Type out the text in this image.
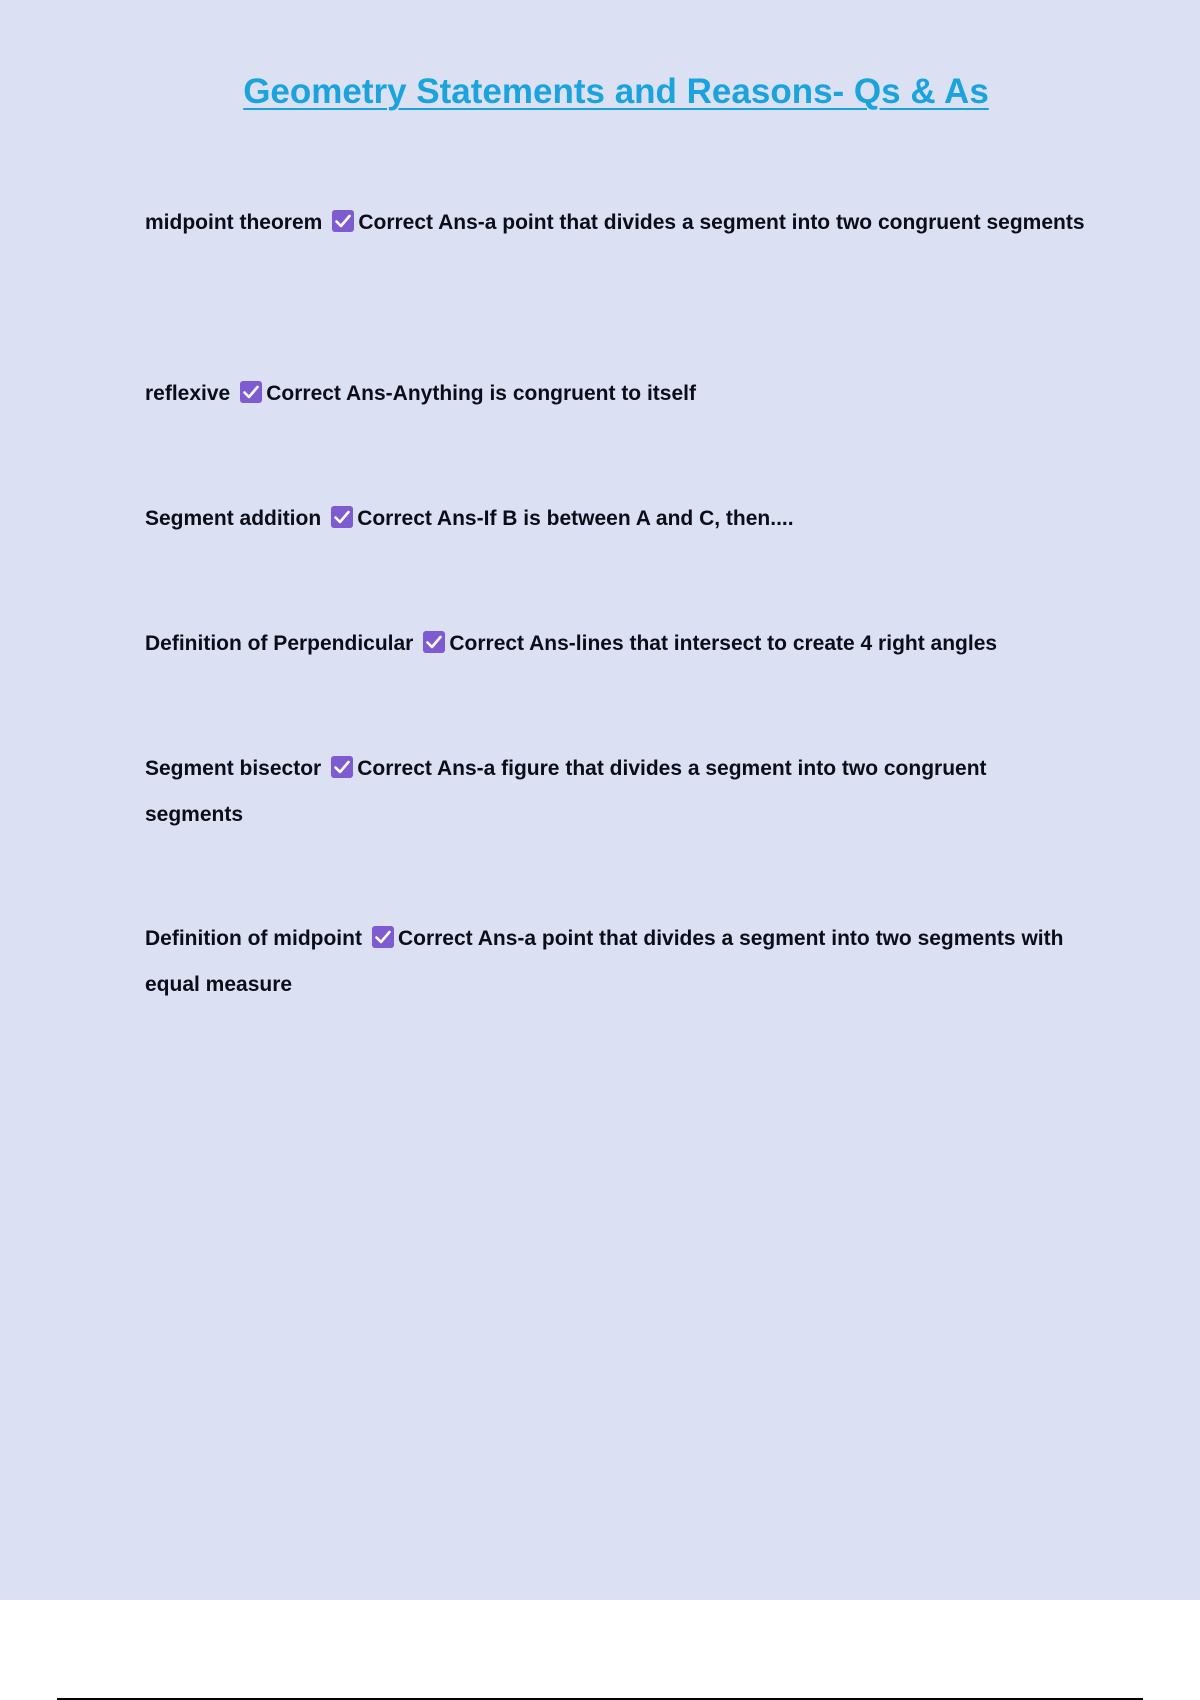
Geometry Statements and Reasons- Qs & As
midpoint theorem Correct Ans-a point that divides a segment into two congruent segments
reflexive Correct Ans-Anything is congruent to itself
Segment addition Correct Ans-If B is between A and C, then....
Definition of Perpendicular Correct Ans-lines that intersect to create 4 right angles
Segment bisector Correct Ans-a figure that divides a segment into two congruent segments
Definition of midpoint Correct Ans-a point that divides a segment into two segments with equal measure
